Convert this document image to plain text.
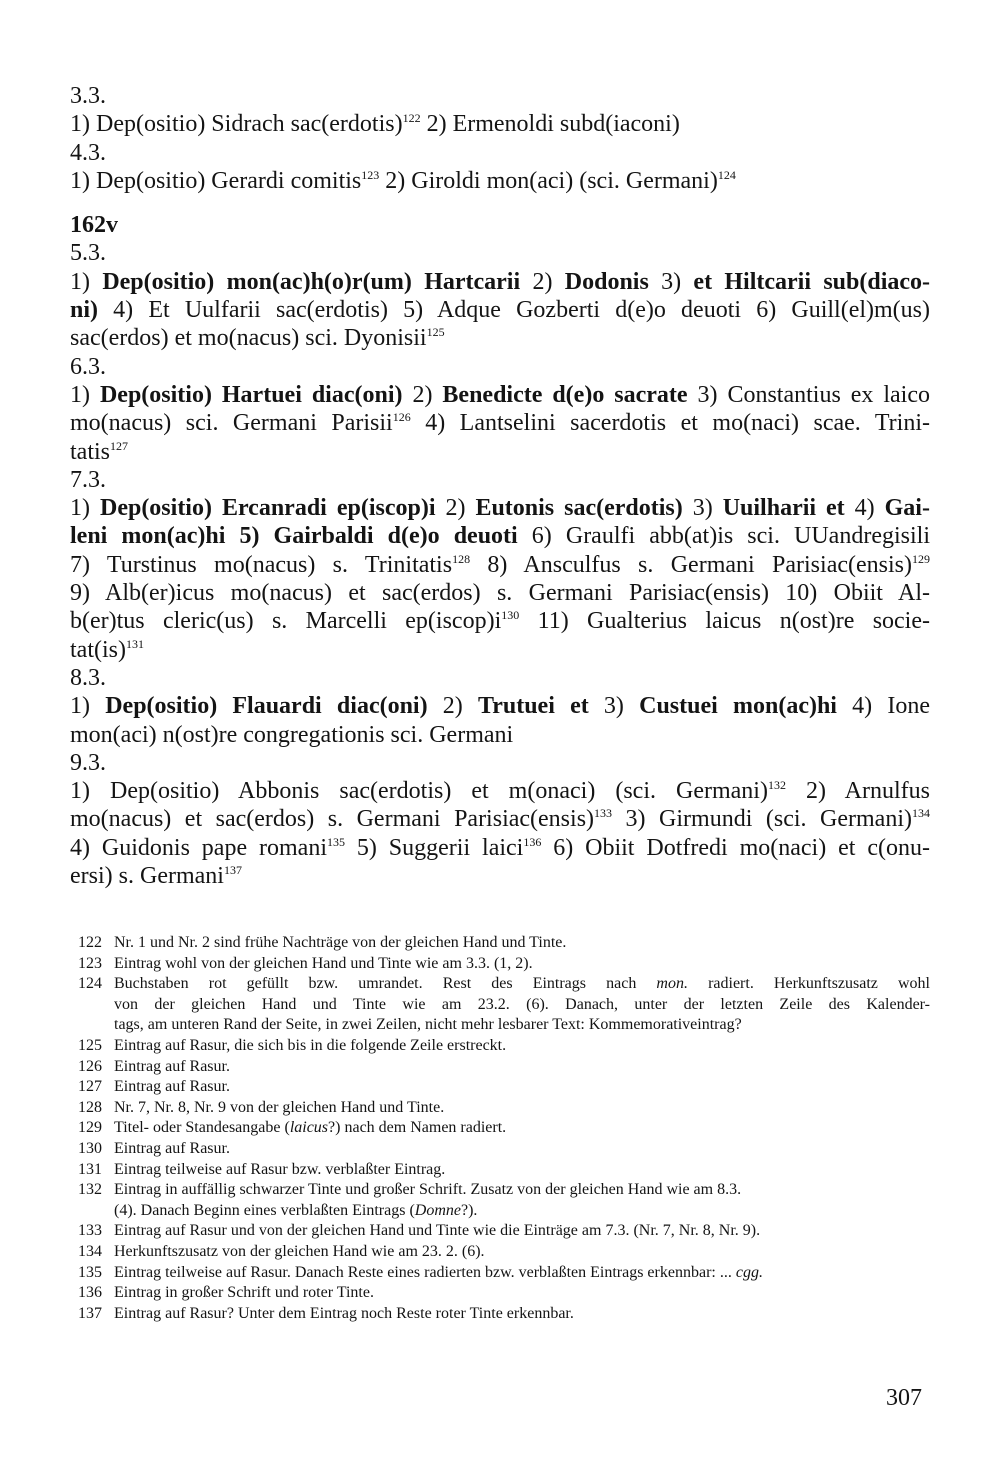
3.3.
1) Dep(ositio) Sidrach sac(erdotis)$^{122}$ 2) Ermenoldi subd(iaconi)
4.3.
1) Dep(ositio) Gerardi comitis$^{123}$ 2) Giroldi mon(aci) (sci. Germani)$^{124}$
162v
5.3.
1) Dep(ositio) mon(ac)h(o)r(um) Hartcarii 2) Dodonis 3) et Hiltcarii sub(diaco-
ni) 4) Et Uulfarii sac(erdotis) 5) Adque Gozberti d(e)o deuoti 6) Guill(el)m(us)
sac(erdos) et mo(nacus) sci. Dyonisii$^{125}$
6.3.
1) Dep(ositio) Hartuei diac(oni) 2) Benedicte d(e)o sacrate 3) Constantius ex laico
mo(nacus) sci. Germani Parisii$^{126}$ 4) Lantselini sacerdotis et mo(naci) scae. Trini-
tatis$^{127}$
7.3.
1) Dep(ositio) Ercanradi ep(iscop)i 2) Eutonis sac(erdotis) 3) Uuilharii et 4) Gai-
leni mon(ac)hi 5) Gairbaldi d(e)o deuoti 6) Graulfi abb(at)is sci. UUandregisili
7) Turstinus mo(nacus) s. Trinitatis$^{128}$ 8) Ansculfus s. Germani Parisiac(ensis)$^{129}$
9) Alb(er)icus mo(nacus) et sac(erdos) s. Germani Parisiac(ensis) 10) Obiit Al-
b(er)tus cleric(us) s. Marcelli $ep(iscop)i^{130}$ 11) Gualterius laicus n(ost)re socie-
tat(is)$^{131}$
8.3.
1) Dep(ositio) Flauardi diac(oni) 2) Trutuei et 3) Custuei mon(ac)hi 4) Ione
mon(aci) n(ost)re congregationis sci. Germani
9.3.
1) Dep(ositio) Abbonis sac(erdotis) et m(onaci) (sci. Germani)$^{132}$ 2) Arnulfus
mo(nacus) et sac(erdos) s. Germani Parisiac(ensis)$^{133}$ 3) Girmundi (sci. Germani)$^{134}$
4) Guidonis pape romani$^{135}$ 5) Suggerii laici$^{136}$ 6) Obiit Dotfredi mo(naci) et c(onu-
ersi) s. Germani$^{137}$
122 Nr. 1 und Nr. 2 sind frühe Nachträge von der gleichen Hand und Tinte.
123 Eintrag wohl von der gleichen Hand und Tinte wie am 3.3. (1, 2).
124 Buchstaben rot gefüllt bzw. umrandet. Rest des Eintrags nach mon. radiert. Herkunftszusatz wohl
von der gleichen Hand und Tinte wie am 23.2. (6). Danach, unter der letzten Zeile des Kalender-
tags, am unteren Rand der Seite, in zwei Zeilen, nicht mehr lesbarer Text: Kommemorativeintrag?
125 Eintrag auf Rasur, die sich bis in die folgende Zeile erstreckt.
126 Eintrag auf Rasur.
127 Eintrag auf Rasur.
128 Nr. 7, Nr. 8, Nr. 9 von der gleichen Hand und Tinte.
129 Titel- oder Standesangabe (laicus?) nach dem Namen radiert.
130 Eintrag auf Rasur.
131 Eintrag teilweise auf Rasur bzw. verblaßter Eintrag.
132 Eintrag in auffällig schwarzer Tinte und großer Schrift. Zusatz von der gleichen Hand wie am 8.3.
(4). Danach Beginn eines verblaßten Eintrags (Domne?).
133 Eintrag auf Rasur und von der gleichen Hand und Tinte wie die Einträge am 7.3. (Nr. 7, Nr. 8, Nr. 9).
134 Herkunftszusatz von der gleichen Hand wie am 23. 2. (6).
135 Eintrag teilweise auf Rasur. Danach Reste eines radierten bzw. verblaßten Eintrags erkennbar: ... cgg.
136 Eintrag in großer Schrift und roter Tinte.
137 Eintrag auf Rasur? Unter dem Eintrag noch Reste roter Tinte erkennbar.
307
